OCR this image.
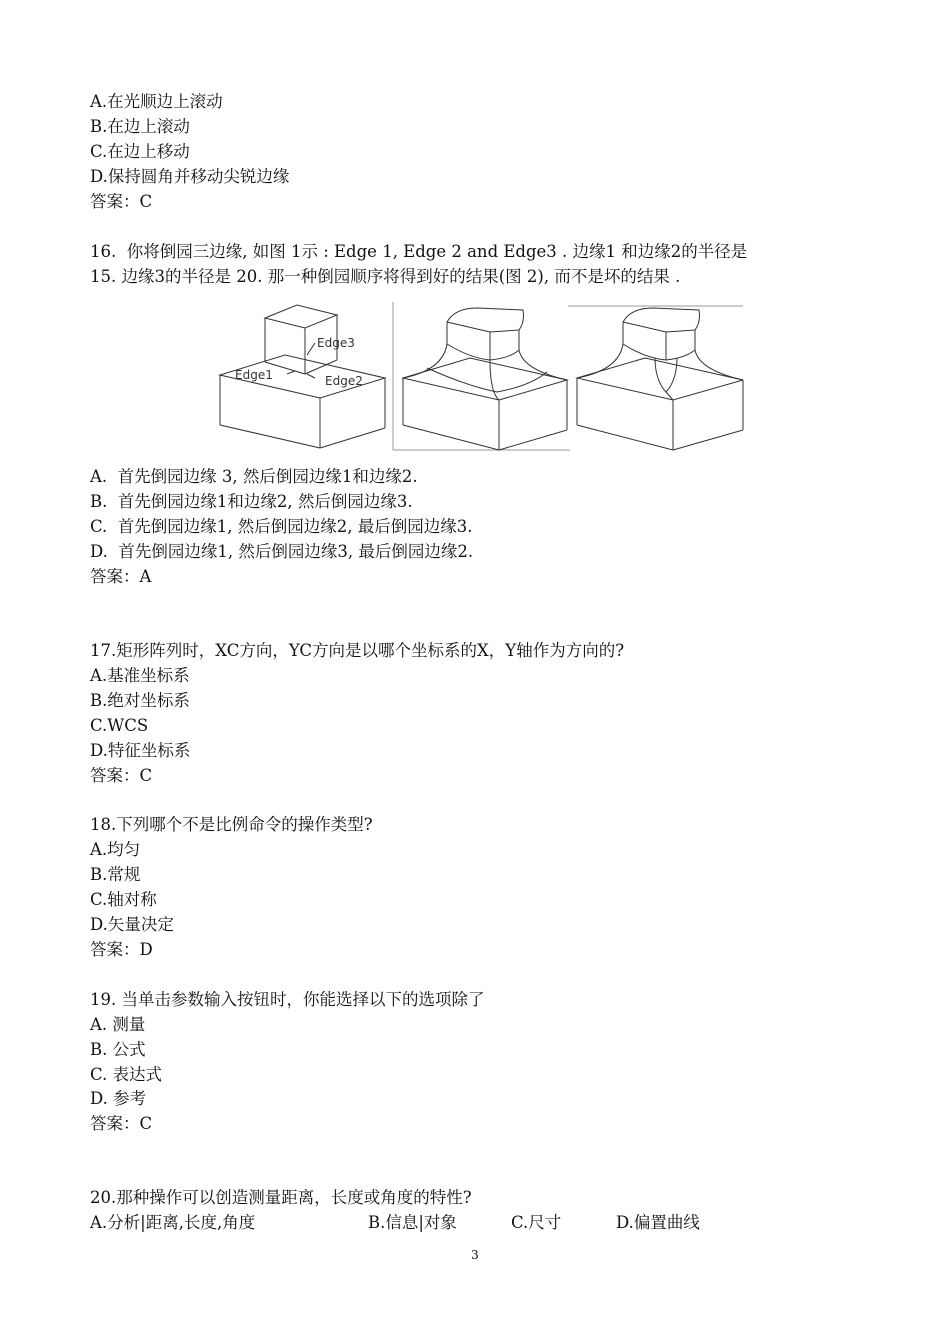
A.在光顺边上滚动
B.在边上滚动
C.在边上移动
D.保持圆角并移动尖锐边缘
答案：C
16.  你将倒园三边缘, 如图 1示 : Edge 1, Edge 2 and Edge3 . 边缘1 和边缘2的半径是
15. 边缘3的半径是 20. 那一种倒园顺序将得到好的结果(图 2), 而不是坏的结果 .
Edge3
Edge1	Edge2
A.  首先倒园边缘 3, 然后倒园边缘1和边缘2.
B.  首先倒园边缘1和边缘2, 然后倒园边缘3.
C.  首先倒园边缘1, 然后倒园边缘2, 最后倒园边缘3.
D.  首先倒园边缘1, 然后倒园边缘3, 最后倒园边缘2.
答案：A
17.矩形阵列时，XC方向，YC方向是以哪个坐标系的X，Y轴作为方向的?
A.基准坐标系
B.绝对坐标系
C.WCS
D.特征坐标系
答案：C
18.下列哪个不是比例命令的操作类型?
A.均匀
B.常规
C.轴对称
D.矢量决定
答案：D
19. 当单击参数输入按钮时，你能选择以下的选项除了
A. 测量
B. 公式
C. 表达式
D. 参考
答案：C
20.那种操作可以创造测量距离，长度或角度的特性?
A.分析|距离,长度,角度	B.信息|对象	C.尺寸	D.偏置曲线
3
